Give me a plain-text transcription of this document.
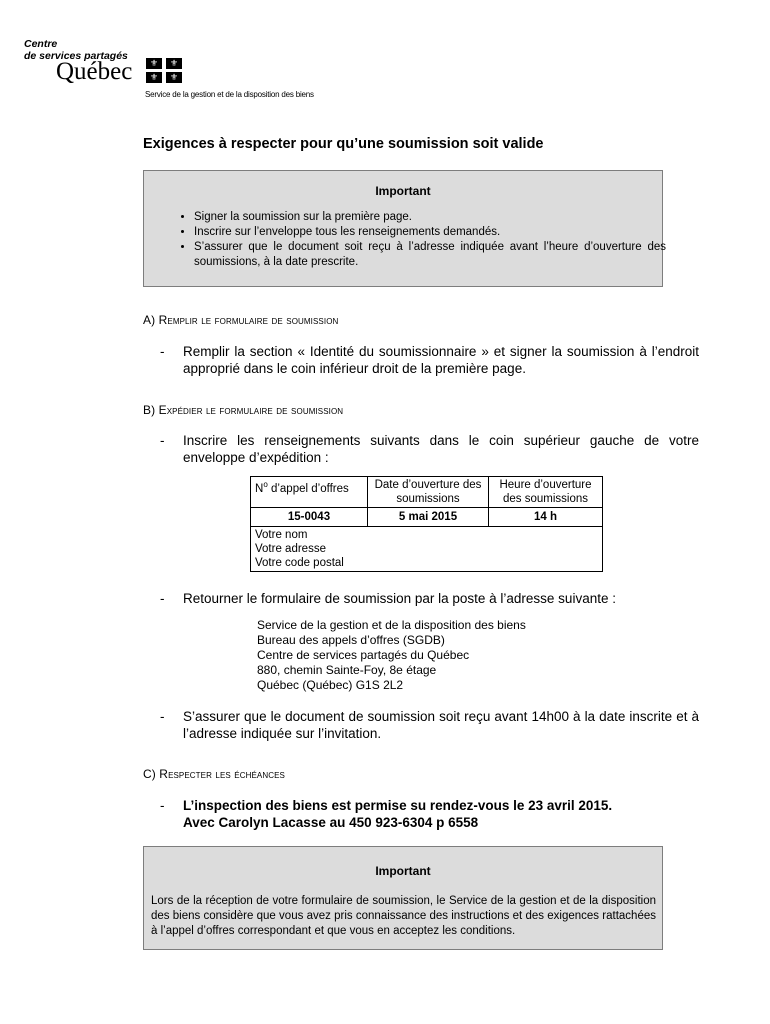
Centre
de services partagés
Québec	⚜	⚜
⚜	⚜
Service de la gestion et de la disposition des biens
Exigences à respecter pour qu’une soumission soit valide
Important
• Signer la soumission sur la première page.
• Inscrire sur l’enveloppe tous les renseignements demandés.
• S’assurer que le document soit reçu à l’adresse indiquée avant l’heure d’ouverture des soumissions, à la date prescrite.
A) Remplir le formulaire de soumission
- Remplir la section « Identité du soumissionnaire » et signer la soumission à l’endroit approprié dans le coin inférieur droit de la première page.
B) Expédier le formulaire de soumission
- Inscrire les renseignements suivants dans le coin supérieur gauche de votre enveloppe d’expédition :
$N^o$ d’appel d’offres	Date d’ouverture des soumissions	Heure d’ouverture des soumissions
15-0043	5 mai 2015	14 h

Votre nom
Votre adresse
Votre code postal		
- Retourner le formulaire de soumission par la poste à l’adresse suivante :
Service de la gestion et de la disposition des biens
Bureau des appels d’offres (SGDB)
Centre de services partagés du Québec
880, chemin Sainte-Foy, 8e étage
Québec (Québec) G1S 2L2
- S’assurer que le document de soumission soit reçu avant 14h00 à la date inscrite et à l’adresse indiquée sur l’invitation.
C) Respecter les échéances
- L’inspection des biens est permise su rendez-vous le 23 avril 2015.
Avec Carolyn Lacasse au 450 923-6304 p 6558
Important

Lors de la réception de votre formulaire de soumission, le Service de la gestion et de la disposition des biens considère que vous avez pris connaissance des instructions et des exigences rattachées à l’appel d’offres correspondant et que vous en acceptez les conditions.
